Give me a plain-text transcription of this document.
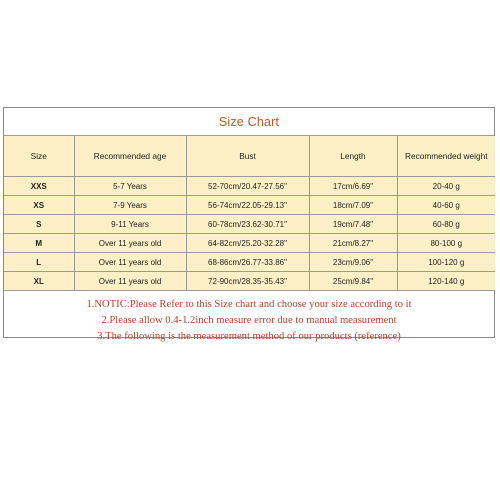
Size Chart
Size	Recommended age	Bust	Length	Recommended weight
XXS	5-7 Years	52-70cm/20.47-27.56"	17cm/6.69"	20-40 g
XS	7-9 Years	56-74cm/22.05-29.13"	18cm/7.09"	40-60 g
S	9-11 Years	60-78cm/23.62-30.71"	19cm/7.48"	60-80 g
M	Over 11 years old	64-82cm/25.20-32.28"	21cm/8.27"	80-100 g
L	Over 11 years old	68-86cm/26.77-33.86"	23cm/9.06"	100-120 g
XL	Over 11 years old	72-90cm/28.35-35.43"	25cm/9.84"	120-140 g
1.NOTIC:Please Refer to this Size chart and choose your size according to it
2.Please allow 0.4-1.2inch measure error due to manual measurement
3.The following is the measurement method of our products (reference)
